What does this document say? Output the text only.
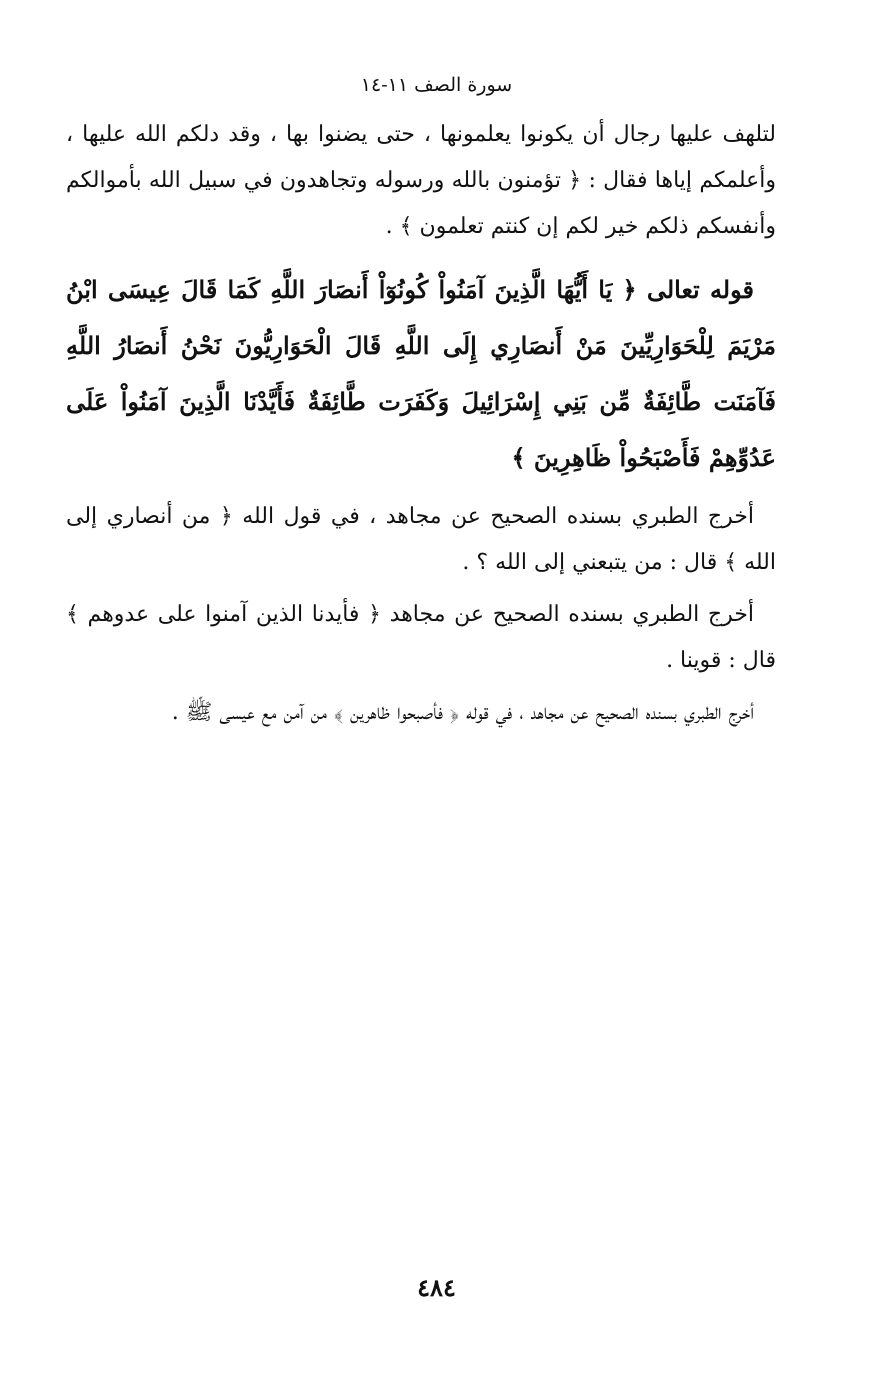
سورة الصف ١١-١٤

لتلهف عليها رجال أن يكونوا يعلمونها ، حتى يضنوا بها ، وقد دلكم الله عليها ، وأعلمكم إياها فقال : ﴿ تؤمنون بالله ورسوله وتجاهدون في سبيل الله بأموالكم وأنفسكم ذلكم خير لكم إن كنتم تعلمون ﴾ .

قوله تعالى ﴿ يَا أَيُّهَا الَّذِينَ آمَنُواْ كُونُوٓاْ أَنصَارَ اللَّهِ كَمَا قَالَ عِيسَى ابْنُ مَرْيَمَ لِلْحَوَارِيِّينَ مَنْ أَنصَارِي إِلَى اللَّهِ قَالَ الْحَوَارِيُّونَ نَحْنُ أَنصَارُ اللَّهِ فَآمَنَت طَّائِفَةٌ مِّن بَنِي إِسْرَائِيلَ وَكَفَرَت طَّائِفَةٌ فَأَيَّدْنَا الَّذِينَ آمَنُواْ عَلَى عَدُوِّهِمْ فَأَصْبَحُواْ ظَاهِرِينَ ﴾

أخرج الطبري بسنده الصحيح عن مجاهد ، في قول الله ﴿ من أنصاري إلى الله ﴾ قال : من يتبعني إلى الله ؟ .

أخرج الطبري بسنده الصحيح عن مجاهد ﴿ فأيدنا الذين آمنوا على عدوهم ﴾ قال : قوينا .

أخرج الطبري بسنده الصحيح عن مجاهد ، في قوله ﴿ فأصبحوا ظاهرين ﴾ من آمن مع عيسى ﷺ .

٤٨٤
